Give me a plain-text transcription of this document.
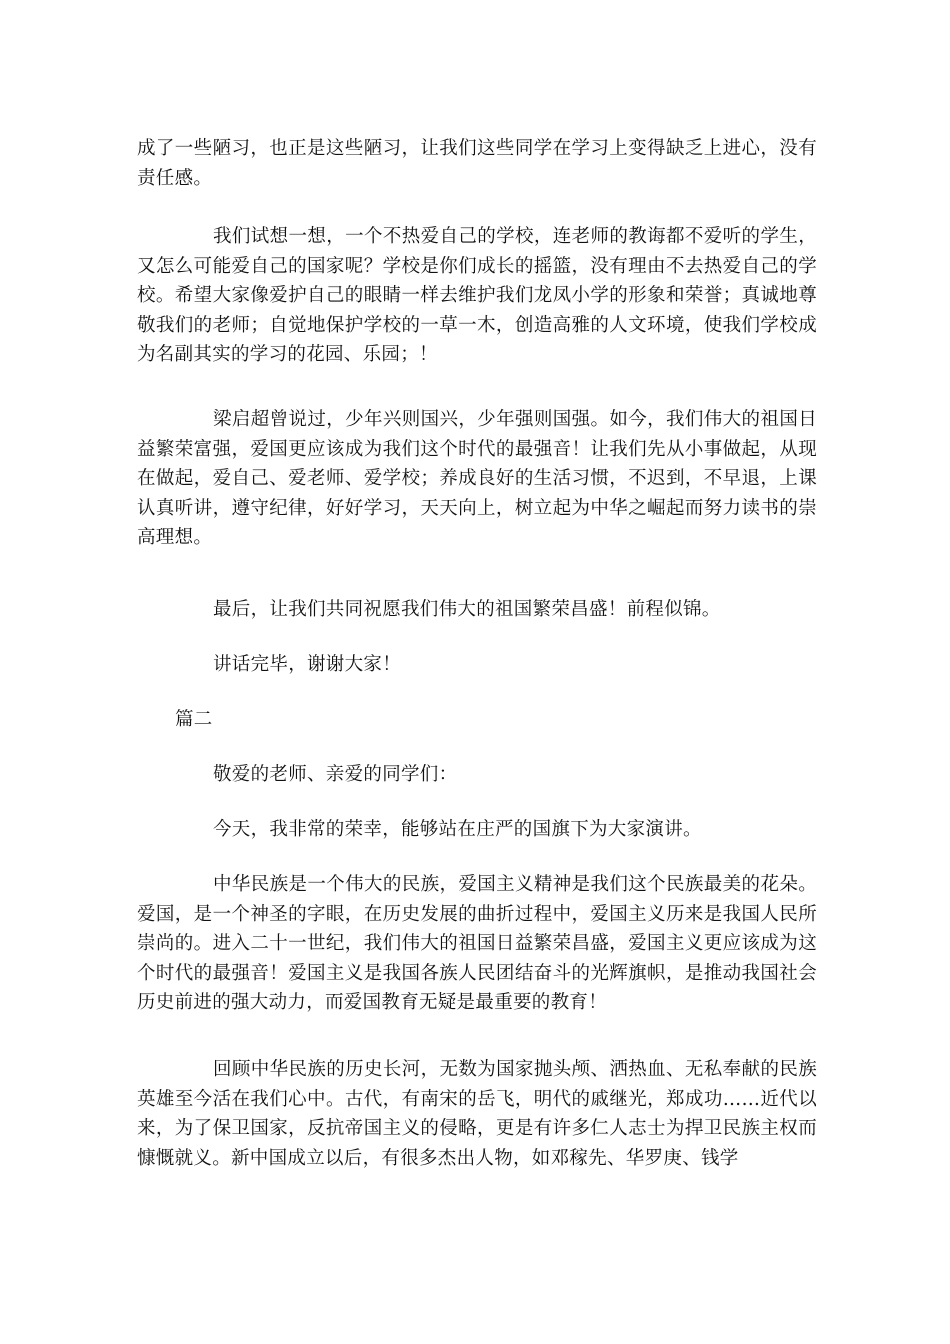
成了一些陋习，也正是这些陋习，让我们这些同学在学习上变得缺乏上进心，没有责任感。

我们试想一想，一个不热爱自己的学校，连老师的教诲都不爱听的学生，又怎么可能爱自己的国家呢？学校是你们成长的摇篮，没有理由不去热爱自己的学校。希望大家像爱护自己的眼睛一样去维护我们龙凤小学的形象和荣誉；真诚地尊敬我们的老师；自觉地保护学校的一草一木，创造高雅的人文环境，使我们学校成为名副其实的学习的花园、乐园；！

梁启超曾说过，少年兴则国兴，少年强则国强。如今，我们伟大的祖国日益繁荣富强，爱国更应该成为我们这个时代的最强音！让我们先从小事做起，从现在做起，爱自己、爱老师、爱学校；养成良好的生活习惯，不迟到，不早退，上课认真听讲，遵守纪律，好好学习，天天向上，树立起为中华之崛起而努力读书的崇高理想。

最后，让我们共同祝愿我们伟大的祖国繁荣昌盛！前程似锦。

讲话完毕，谢谢大家！

篇二

敬爱的老师、亲爱的同学们：

今天，我非常的荣幸，能够站在庄严的国旗下为大家演讲。

中华民族是一个伟大的民族，爱国主义精神是我们这个民族最美的花朵。爱国，是一个神圣的字眼，在历史发展的曲折过程中，爱国主义历来是我国人民所崇尚的。进入二十一世纪，我们伟大的祖国日益繁荣昌盛，爱国主义更应该成为这个时代的最强音！爱国主义是我国各族人民团结奋斗的光辉旗帜，是推动我国社会历史前进的强大动力，而爱国教育无疑是最重要的教育！

回顾中华民族的历史长河，无数为国家抛头颅、洒热血、无私奉献的民族英雄至今活在我们心中。古代，有南宋的岳飞，明代的戚继光，郑成功……近代以来，为了保卫国家，反抗帝国主义的侵略，更是有许多仁人志士为捍卫民族主权而慷慨就义。新中国成立以后，有很多杰出人物，如邓稼先、华罗庚、钱学
